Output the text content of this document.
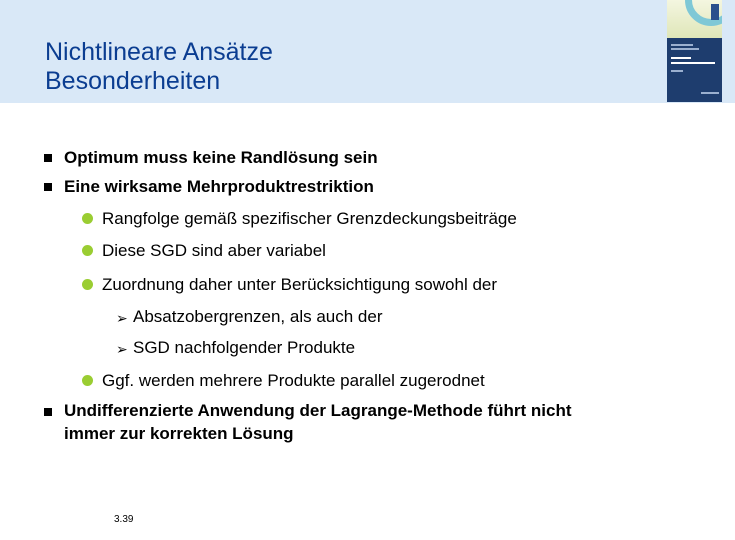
Nichtlineare Ansätze
Besonderheiten
Optimum muss keine Randlösung sein
Eine wirksame Mehrproduktrestriktion
Rangfolge gemäß spezifischer Grenzdeckungsbeiträge
Diese SGD sind aber variabel
Zuordnung daher unter Berücksichtigung sowohl der
➢ Absatzobergrenzen, als auch der
➢ SGD nachfolgender Produkte
Ggf. werden mehrere Produkte parallel zugerodnet
Undifferenzierte Anwendung der Lagrange-Methode führt nicht
immer zur korrekten Lösung
3.39
